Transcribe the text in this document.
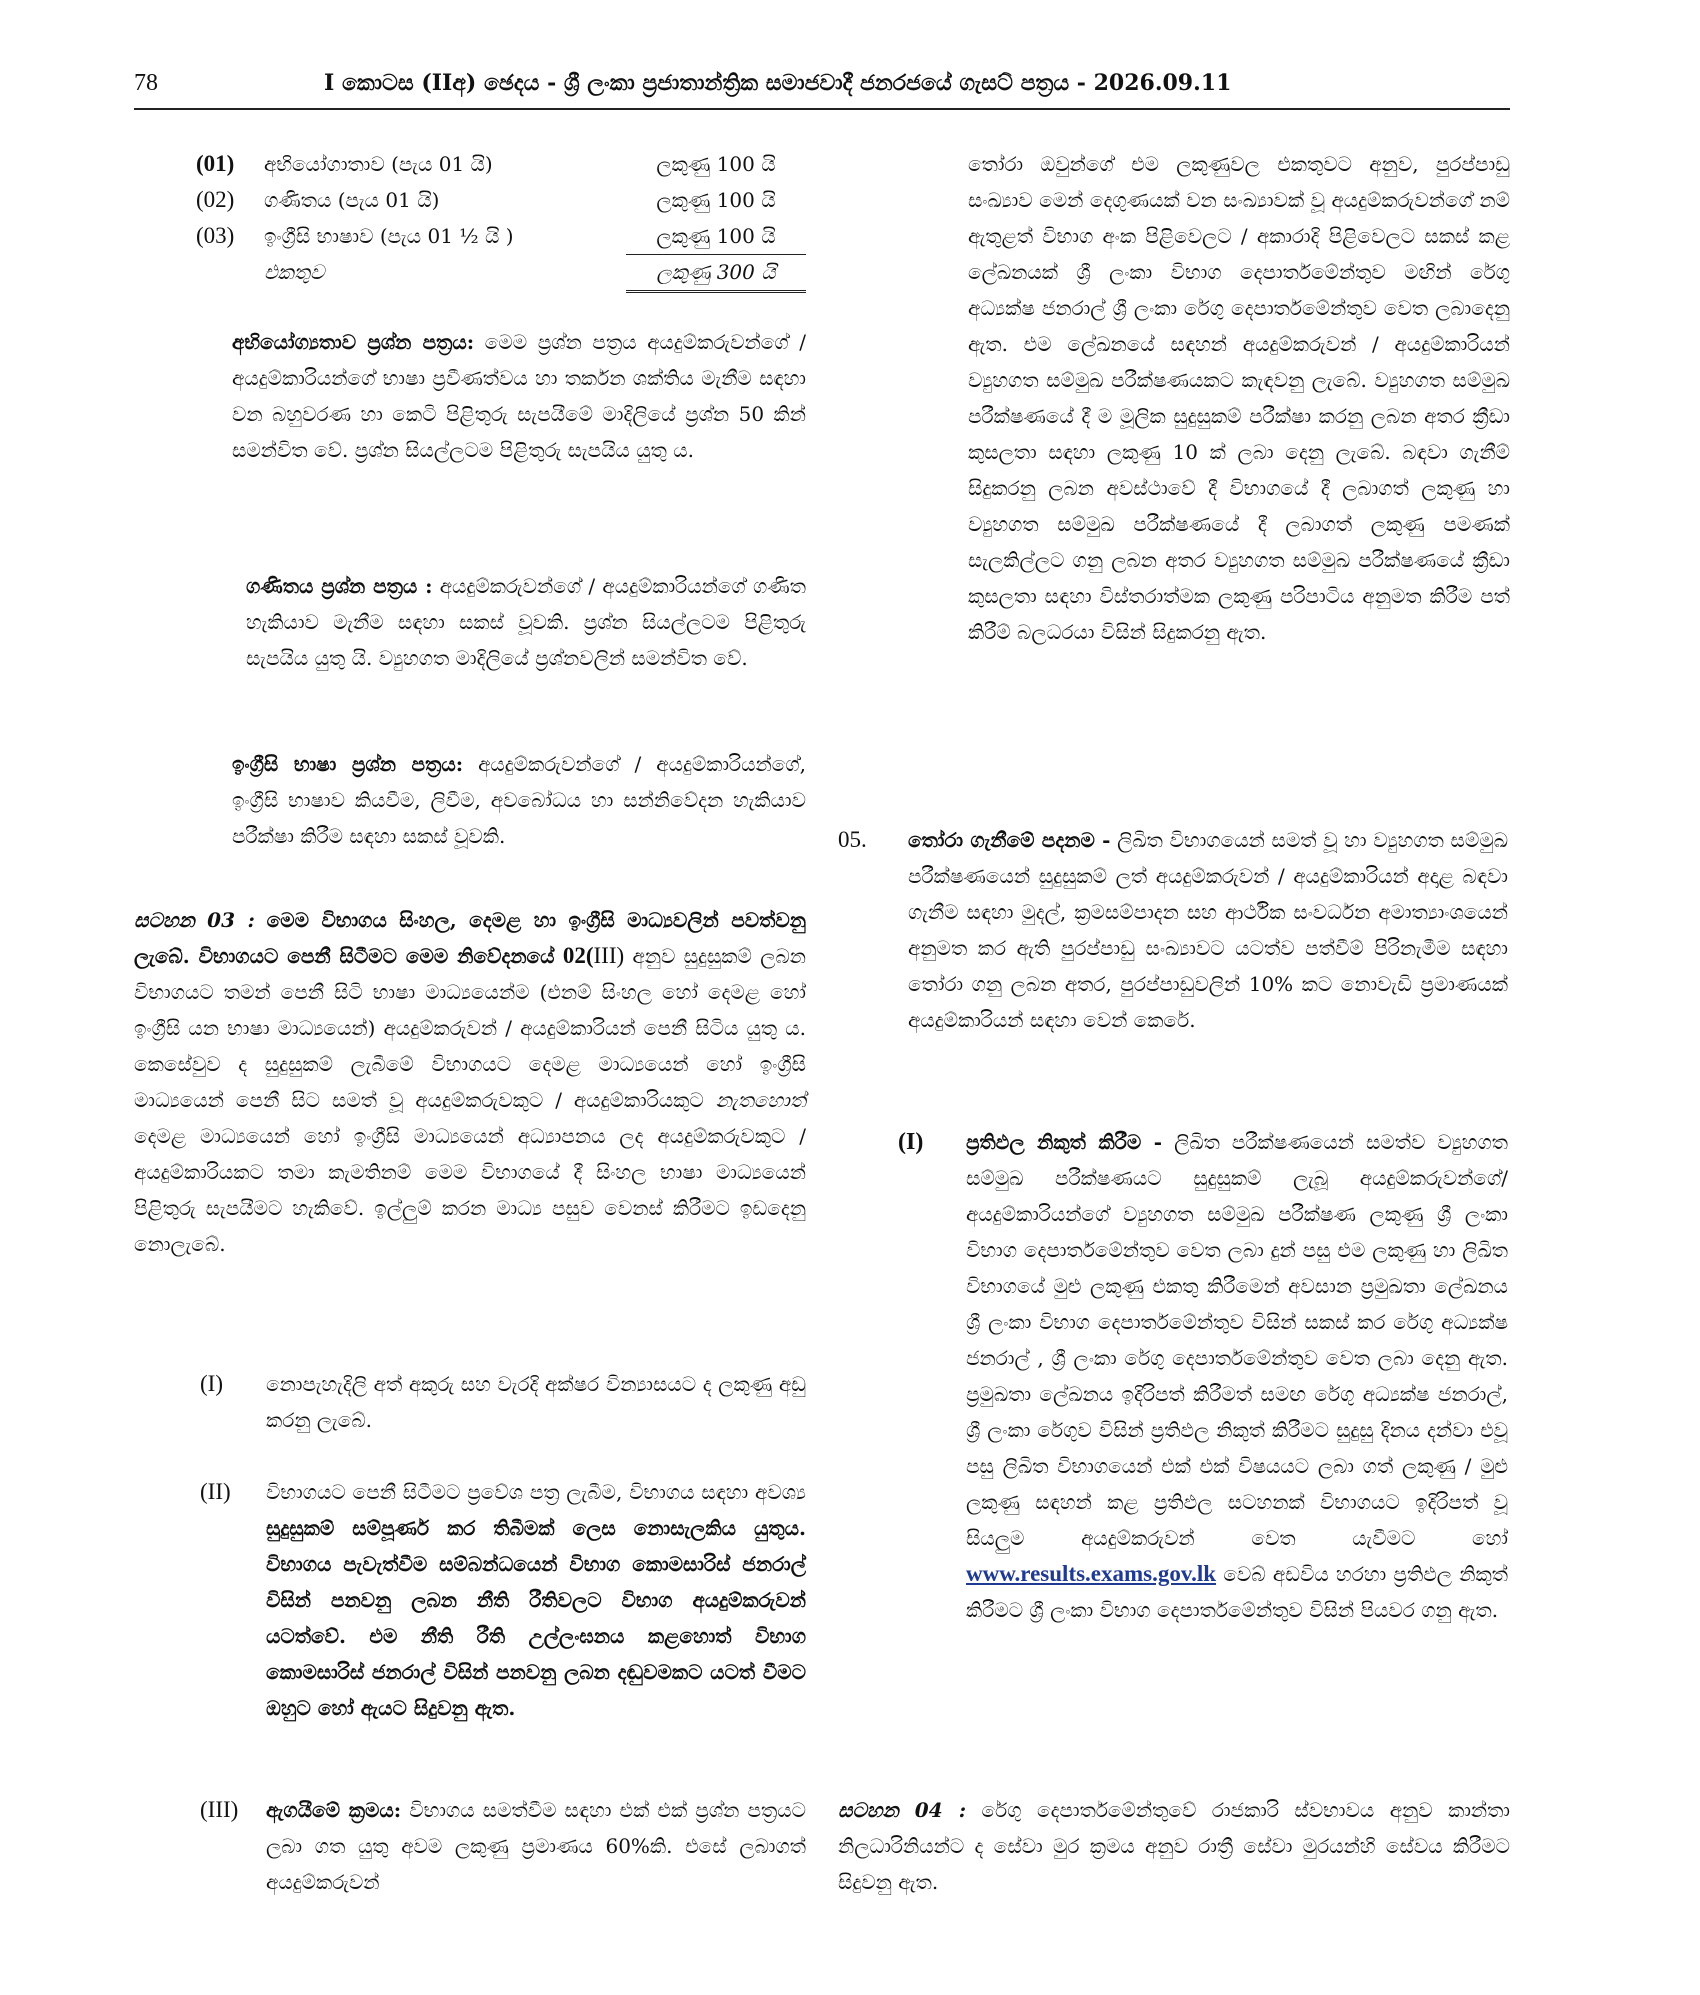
78	I කොටස (IIඅ) ඡෙදය - ශ්‍රී ලංකා ප්‍රජාතාන්ත්‍රික සමාජවාදී ජනරජයේ ගැසට් පත්‍රය - 2026.09.11
(01) අභියෝගාතාව (පැය 01 යි)	ලකුණු 100 යි
(02) ගණිතය (පැය 01 යි)	ලකුණු 100 යි
(03) ඉංග්‍රීසි භාෂාව (පැය 01 ½ යි )	ලකුණු 100 යි
එකතුව	ලකුණු 300 යි
අභියෝග්‍යතාව ප්‍රශ්න පත්‍රය: මෙම ප්‍රශ්න පත්‍රය අයදුම්කරුවන්ගේ / අයදුම්කාරියන්ගේ භාෂා ප්‍රවීණත්වය හා තර්කන ශක්තිය මැනීම සඳහා වන බහුවරණ හා කෙටි පිළිතුරු සැපයීමේ මාදිලියේ ප්‍රශ්න 50 කින් සමන්විත වේ. ප්‍රශ්න සියල්ලටම පිළිතුරු සැපයිය යුතු ය.
ගණිතය ප්‍රශ්න පත්‍රය : අයදුම්කරුවන්ගේ / අයදුම්කාරියන්ගේ ගණිත හැකියාව මැනීම සඳහා සකස් වූවකි. ප්‍රශ්න සියල්ලටම පිළිතුරු සැපයිය යුතු යි. ව්‍යුහගත මාදිලියේ ප්‍රශ්නවලින් සමන්විත වේ.
ඉංග්‍රීසි භාෂා ප්‍රශ්න පත්‍රය: අයදුම්කරුවන්ගේ / අයදුම්කාරියන්ගේ, ඉංග්‍රීසි භාෂාව කියවීම, ලිවීම, අවබෝධය හා සන්නිවේදන හැකියාව පරීක්ෂා කිරීම සඳහා සකස් වූවකි.
සටහන 03 : මෙම විභාගය සිංහල, දෙමළ හා ඉංග්‍රීසි මාධ්‍යවලින් පවත්වනු ලැබේ. විභාගයට පෙනී සිටීමට මෙම නිවේදනයේ 02(III) අනුව සුදුසුකම් ලබන විභාගයට තමන් පෙනී සිටි භාෂා මාධ්‍යයෙන්ම (එනම් සිංහල හෝ දෙමළ හෝ ඉංග්‍රීසි යන භාෂා මාධ්‍යයෙන්) අයදුම්කරුවන් / අයදුම්කාරියන් පෙනී සිටිය යුතු ය. කෙසේවුව ද සුදුසුකම් ලැබීමේ විභාගයට දෙමළ මාධ්‍යයෙන් හෝ ඉංග්‍රීසි මාධ්‍යයෙන් පෙනී සිට සමත් වූ අයදුම්කරුවකුට / අයදුම්කාරියකුට නැතහොත් දෙමළ මාධ්‍යයෙන් හෝ ඉංග්‍රීසි මාධ්‍යයෙන් අධ්‍යාපනය ලද අයදුම්කරුවකුට / අයදුම්කාරියකට තමා කැමතිනම් මෙම විභාගයේ දී සිංහල භාෂා මාධ්‍යයෙන් පිළිතුරු සැපයීමට හැකිවේ. ඉල්ලුම් කරන මාධ්‍ය පසුව වෙනස් කිරීමට ඉඩදෙනු නොලැබේ.
(I) නොපැහැදිලි අත් අකුරු සහ වැරදි අක්ෂර වින්‍යාසයට ද ලකුණු අඩු කරනු ලැබේ.
(II) විභාගයට පෙනී සිටීමට ප්‍රවේශ පත්‍ර ලැබීම, විභාගය සඳහා අවශ්‍ය සුදුසුකම් සම්පූර්ණ කර තිබීමක් ලෙස නොසැලකිය යුතුය. විභාගය පැවැත්වීම සම්බන්ධයෙන් විභාග කොමසාරිස් ජනරාල් විසින් පනවනු ලබන නීති රීතිවලට විභාග අයදුම්කරුවන් යටත්වේ. එම නීති රීති උල්ලංඝනය කළහොත් විභාග කොමසාරිස් ජනරාල් විසින් පනවනු ලබන දඬුවමකට යටත් වීමට ඔහුට හෝ ඇයට සිදුවනු ඇත.
(III) ඇගයීමේ ක්‍රමය: විභාගය සමත්වීම සඳහා එක් එක් ප්‍රශ්න පත්‍රයට ලබා ගත යුතු අවම ලකුණු ප්‍රමාණය 60%කි. එසේ ලබාගත් අයදුම්කරුවන්
තෝරා ඔවුන්ගේ එම ලකුණුවල එකතුවට අනුව, පුරප්පාඩු සංඛ්‍යාව මෙන් දෙගුණයක් වන සංඛ්‍යාවක් වූ අයදුම්කරුවන්ගේ නම් ඇතුළත් විභාග අංක පිළිවෙලට / අකාරාදි පිළිවෙලට සකස් කළ ලේඛනයක් ශ්‍රී ලංකා විභාග දෙපාර්තමේන්තුව මඟින් රේගු අධ්‍යක්ෂ ජනරාල් ශ්‍රී ලංකා රේගු දෙපාර්තමේන්තුව වෙත ලබාදෙනු ඇත. එම ලේඛනයේ සඳහන් අයදුම්කරුවන් / අයදුම්කාරියන් ව්‍යුහගත සම්මුඛ පරීක්ෂණයකට කැඳවනු ලැබේ. ව්‍යුහගත සම්මුඛ පරීක්ෂණයේ දී ම මූලික සුදුසුකම් පරීක්ෂා කරනු ලබන අතර ක්‍රීඩා කුසලතා සඳහා ලකුණු 10 ක් ලබා දෙනු ලැබේ. බඳවා ගැනීම් සිදුකරනු ලබන අවස්ථාවේ දී විභාගයේ දී ලබාගත් ලකුණු හා ව්‍යුහගත සම්මුඛ පරීක්ෂණයේ දී ලබාගත් ලකුණු පමණක් සැලකිල්ලට ගනු ලබන අතර ව්‍යුහගත සම්මුඛ පරීක්ෂණයේ ක්‍රීඩා කුසලතා සඳහා විස්තරාත්මක ලකුණු පරිපාටිය අනුමත කිරීම පත් කිරීම් බලධරයා විසින් සිදුකරනු ඇත.
05. තෝරා ගැනීමේ පදනම - ලිඛිත විභාගයෙන් සමත් වූ හා ව්‍යුහගත සම්මුඛ පරීක්ෂණයෙන් සුදුසුකම් ලත් අයදුම්කරුවන් / අයදුම්කාරියන් අදාළ බඳවා ගැනීම සඳහා මුදල්, ක්‍රමසම්පාදන සහ ආර්ථික සංවර්ධන අමාත්‍යාංශයෙන් අනුමත කර ඇති පුරප්පාඩු සංඛ්‍යාවට යටත්ව පත්වීම් පිරිනැමීම සඳහා තෝරා ගනු ලබන අතර, පුරප්පාඩුවලින් 10% කට නොවැඩි ප්‍රමාණයක් අයදුම්කාරියන් සඳහා වෙන් කෙරේ.
(I) ප්‍රතිඵල නිකුත් කිරීම - ලිඛිත පරීක්ෂණයෙන් සමත්ව ව්‍යුහගත සම්මුඛ පරීක්ෂණයට සුදුසුකම් ලැබූ අයදුම්කරුවන්ගේ/ අයදුම්කාරියන්ගේ ව්‍යුහගත සම්මුඛ පරීක්ෂණ ලකුණු ශ්‍රී ලංකා විභාග දෙපාර්තමේන්තුව වෙත ලබා දුන් පසු එම ලකුණු හා ලිඛිත විභාගයේ මුළු ලකුණු එකතු කිරීමෙන් අවසාන ප්‍රමුඛතා ලේඛනය ශ්‍රී ලංකා විභාග දෙපාර්තමේන්තුව විසින් සකස් කර රේගු අධ්‍යක්ෂ ජනරාල් , ශ්‍රී ලංකා රේගු දෙපාර්තමේන්තුව වෙත ලබා දෙනු ඇත. ප්‍රමුඛතා ලේඛනය ඉදිරිපත් කිරීමත් සමඟ රේගු අධ්‍යක්ෂ ජනරාල්, ශ්‍රී ලංකා රේගුව විසින් ප්‍රතිඵල නිකුත් කිරීමට සුදුසු දිනය දන්වා එවූ පසු ලිඛිත විභාගයෙන් එක් එක් විෂයයට ලබා ගත් ලකුණු / මුළු ලකුණු සඳහන් කළ ප්‍රතිඵල සටහනක් විභාගයට ඉදිරිපත් වූ සියලුම අයදුම්කරුවන් වෙත යැවීමට හෝ www.results.exams.gov.lk වෙබ් අඩවිය හරහා ප්‍රතිඵල නිකුත් කිරීමට ශ්‍රී ලංකා විභාග දෙපාර්තමේන්තුව විසින් පියවර ගනු ඇත.
සටහන 04 : රේගු දෙපාර්තමේන්තුවේ රාජකාරි ස්වභාවය අනුව කාන්තා නිලධාරිනියන්ට ද සේවා මුර ක්‍රමය අනුව රාත්‍රී සේවා මුරයන්හි සේවය කිරීමට සිදුවනු ඇත.
